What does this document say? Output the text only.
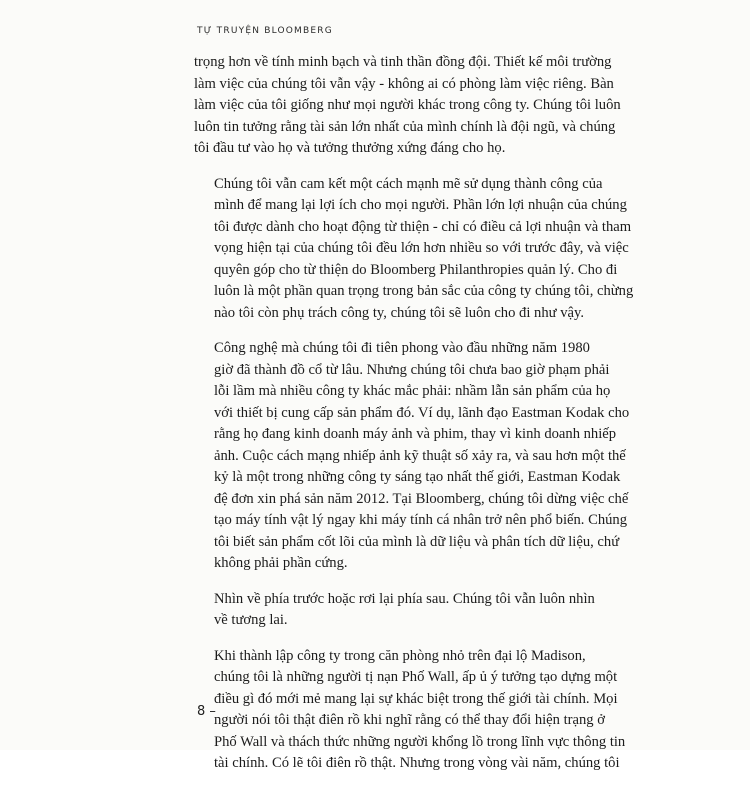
TỰ TRUYỆN BLOOMBERG
trọng hơn về tính minh bạch và tinh thần đồng đội. Thiết kế môi trường
làm việc của chúng tôi vẫn vậy - không ai có phòng làm việc riêng. Bàn
làm việc của tôi giống như mọi người khác trong công ty. Chúng tôi luôn
luôn tin tưởng rằng tài sản lớn nhất của mình chính là đội ngũ, và chúng
tôi đầu tư vào họ và tưởng thưởng xứng đáng cho họ.
Chúng tôi vẫn cam kết một cách mạnh mẽ sử dụng thành công của
mình để mang lại lợi ích cho mọi người. Phần lớn lợi nhuận của chúng
tôi được dành cho hoạt động từ thiện - chỉ có điều cả lợi nhuận và tham
vọng hiện tại của chúng tôi đều lớn hơn nhiều so với trước đây, và việc
quyên góp cho từ thiện do Bloomberg Philanthropies quản lý. Cho đi
luôn là một phần quan trọng trong bản sắc của công ty chúng tôi, chừng
nào tôi còn phụ trách công ty, chúng tôi sẽ luôn cho đi như vậy.
Công nghệ mà chúng tôi đi tiên phong vào đầu những năm 1980
giờ đã thành đồ cổ từ lâu. Nhưng chúng tôi chưa bao giờ phạm phải
lỗi lầm mà nhiều công ty khác mắc phải: nhầm lẫn sản phẩm của họ
với thiết bị cung cấp sản phẩm đó. Ví dụ, lãnh đạo Eastman Kodak cho
rằng họ đang kinh doanh máy ảnh và phim, thay vì kinh doanh nhiếp
ảnh. Cuộc cách mạng nhiếp ảnh kỹ thuật số xảy ra, và sau hơn một thế
kỷ là một trong những công ty sáng tạo nhất thế giới, Eastman Kodak
đệ đơn xin phá sản năm 2012. Tại Bloomberg, chúng tôi dừng việc chế
tạo máy tính vật lý ngay khi máy tính cá nhân trở nên phổ biến. Chúng
tôi biết sản phẩm cốt lõi của mình là dữ liệu và phân tích dữ liệu, chứ
không phải phần cứng.
Nhìn về phía trước hoặc rơi lại phía sau. Chúng tôi vẫn luôn nhìn
về tương lai.
Khi thành lập công ty trong căn phòng nhỏ trên đại lộ Madison,
chúng tôi là những người tị nạn Phố Wall, ấp ủ ý tưởng tạo dựng một
điều gì đó mới mẻ mang lại sự khác biệt trong thế giới tài chính. Mọi
người nói tôi thật điên rồ khi nghĩ rằng có thể thay đổi hiện trạng ở
Phố Wall và thách thức những người khổng lồ trong lĩnh vực thông tin
tài chính. Có lẽ tôi điên rồ thật. Nhưng trong vòng vài năm, chúng tôi
8 –
